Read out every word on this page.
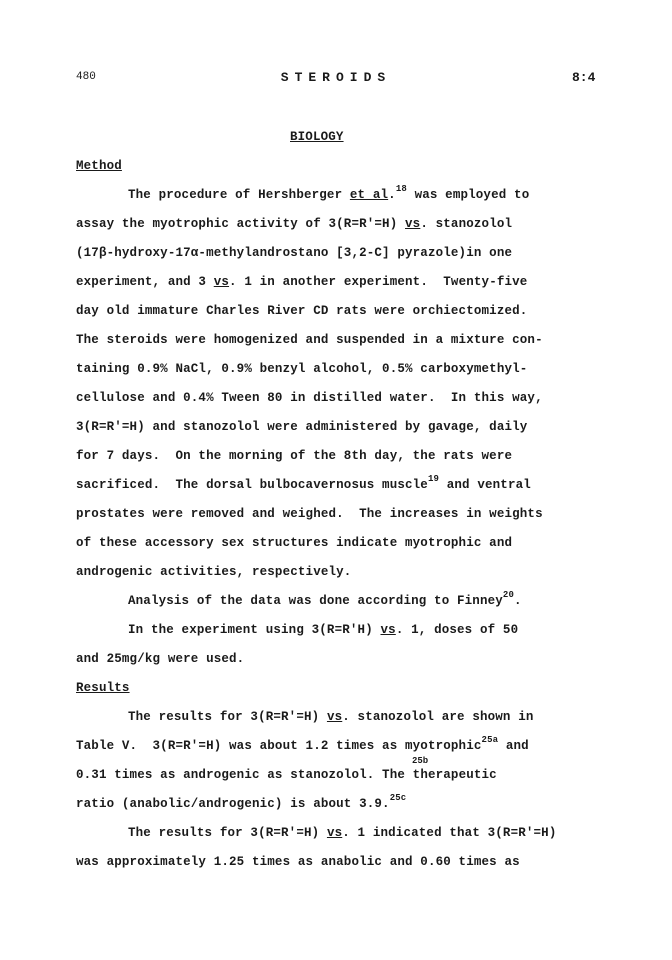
480	STEROIDS	8:4
BIOLOGY
Method
The procedure of Hershberger et al.$^{18}$ was employed to
assay the myotrophic activity of 3(R=R'=H) vs. stanozolol
(17β-hydroxy-17α-methylandrostano [3,2-C] pyrazole)in one
experiment, and 3 vs. 1 in another experiment.  Twenty-five
day old immature Charles River CD rats were orchiectomized.
The steroids were homogenized and suspended in a mixture con-
taining 0.9% NaCl, 0.9% benzyl alcohol, 0.5% carboxymethyl-
cellulose and 0.4% Tween 80 in distilled water.  In this way,
3(R=R'=H) and stanozolol were administered by gavage, daily
for 7 days.  On the morning of the 8th day, the rats were
sacrificed.  The dorsal bulbocavernosus muscle$^{19}$ and ventral
prostates were removed and weighed.  The increases in weights
of these accessory sex structures indicate myotrophic and
androgenic activities, respectively.
Analysis of the data was done according to Finney$^{20}$.
In the experiment using 3(R=R'H) vs. 1, doses of 50
and 25mg/kg were used.
Results
The results for 3(R=R'=H) vs. stanozolol are shown in
Table V.  3(R=R'=H) was about 1.2 times as myotrophic$^{25a}$ and
25b
0.31 times as androgenic as stanozolol. The therapeutic
ratio (anabolic/androgenic) is about 3.9.$^{25c}$
The results for 3(R=R'=H) vs. 1 indicated that 3(R=R'=H)
was approximately 1.25 times as anabolic and 0.60 times as
